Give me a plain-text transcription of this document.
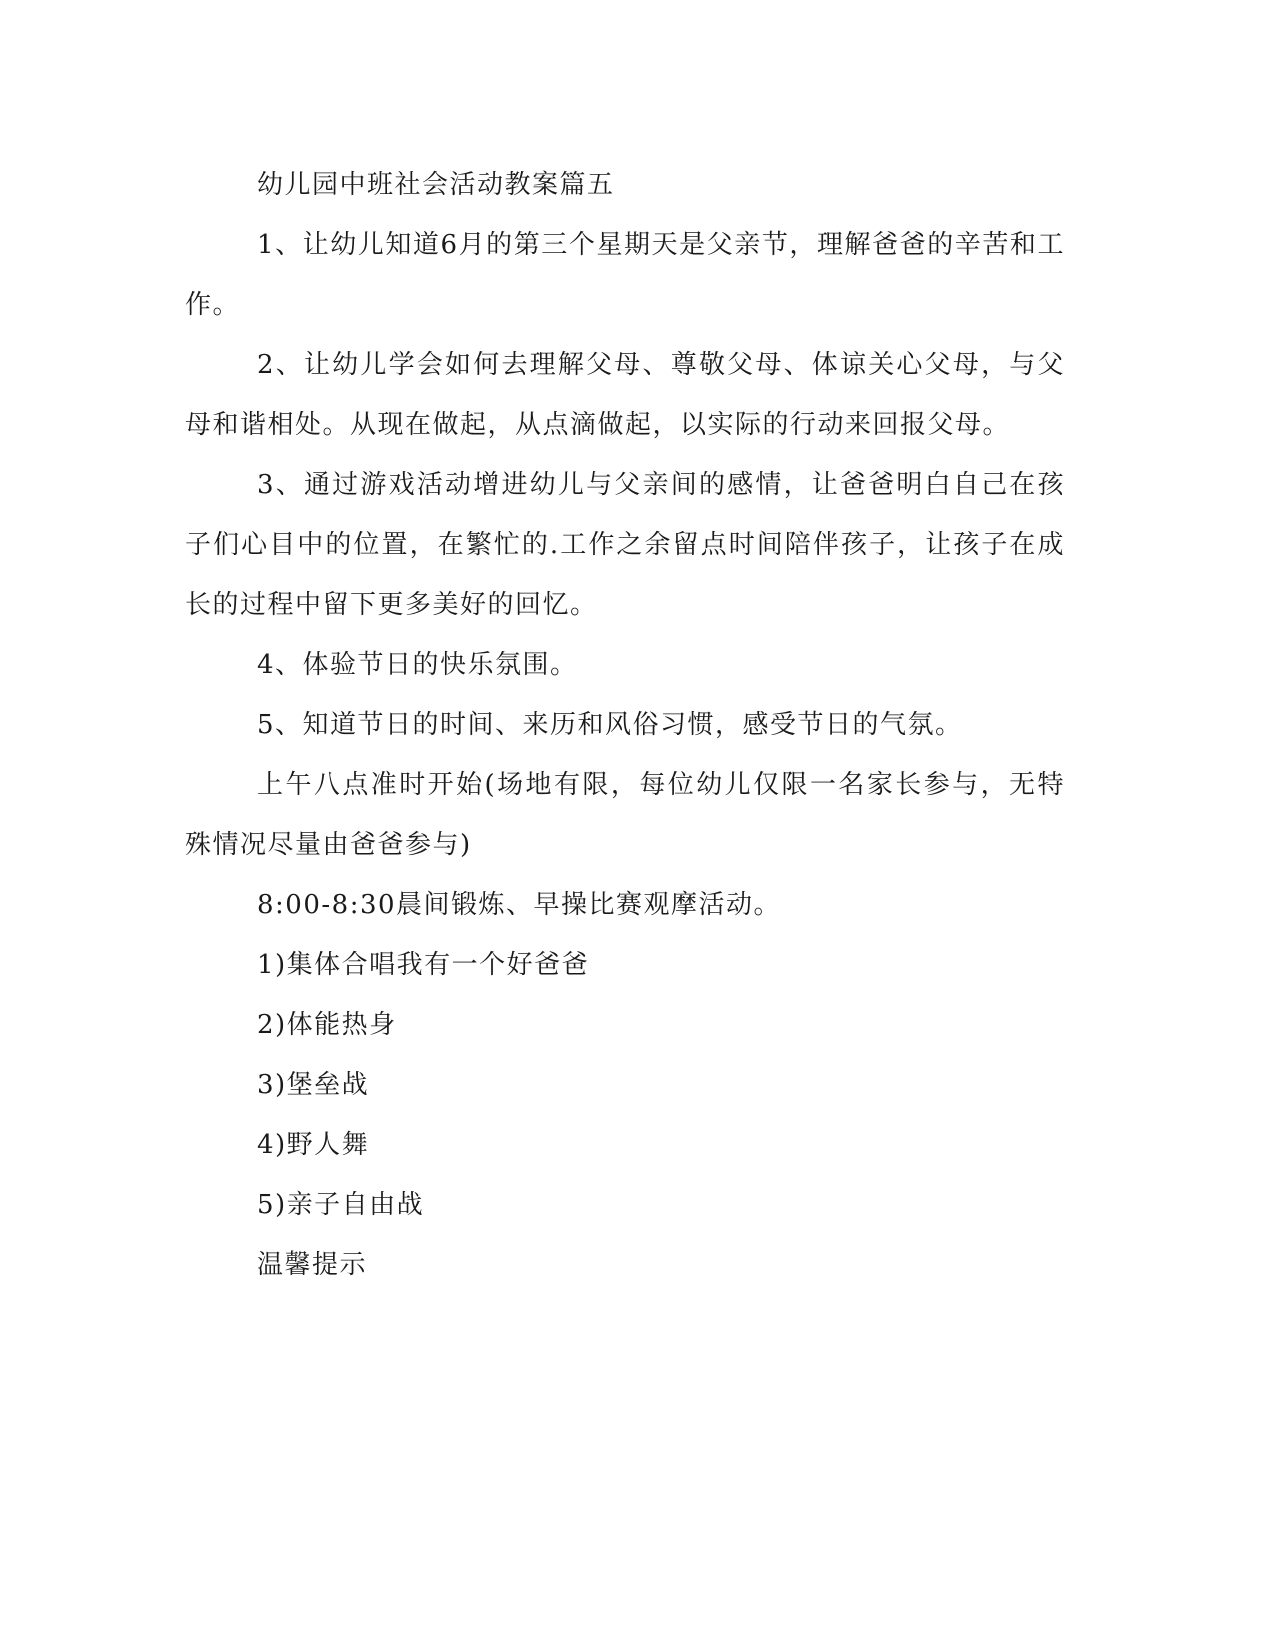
幼儿园中班社会活动教案篇五

1、让幼儿知道6月的第三个星期天是父亲节，理解爸爸的辛苦和工作。

2、让幼儿学会如何去理解父母、尊敬父母、体谅关心父母，与父母和谐相处。从现在做起，从点滴做起，以实际的行动来回报父母。

3、通过游戏活动增进幼儿与父亲间的感情，让爸爸明白自己在孩子们心目中的位置，在繁忙的.工作之余留点时间陪伴孩子，让孩子在成长的过程中留下更多美好的回忆。

4、体验节日的快乐氛围。

5、知道节日的时间、来历和风俗习惯，感受节日的气氛。

上午八点准时开始(场地有限，每位幼儿仅限一名家长参与，无特殊情况尽量由爸爸参与)

8:00-8:30晨间锻炼、早操比赛观摩活动。

1)集体合唱我有一个好爸爸

2)体能热身

3)堡垒战

4)野人舞

5)亲子自由战

温馨提示
